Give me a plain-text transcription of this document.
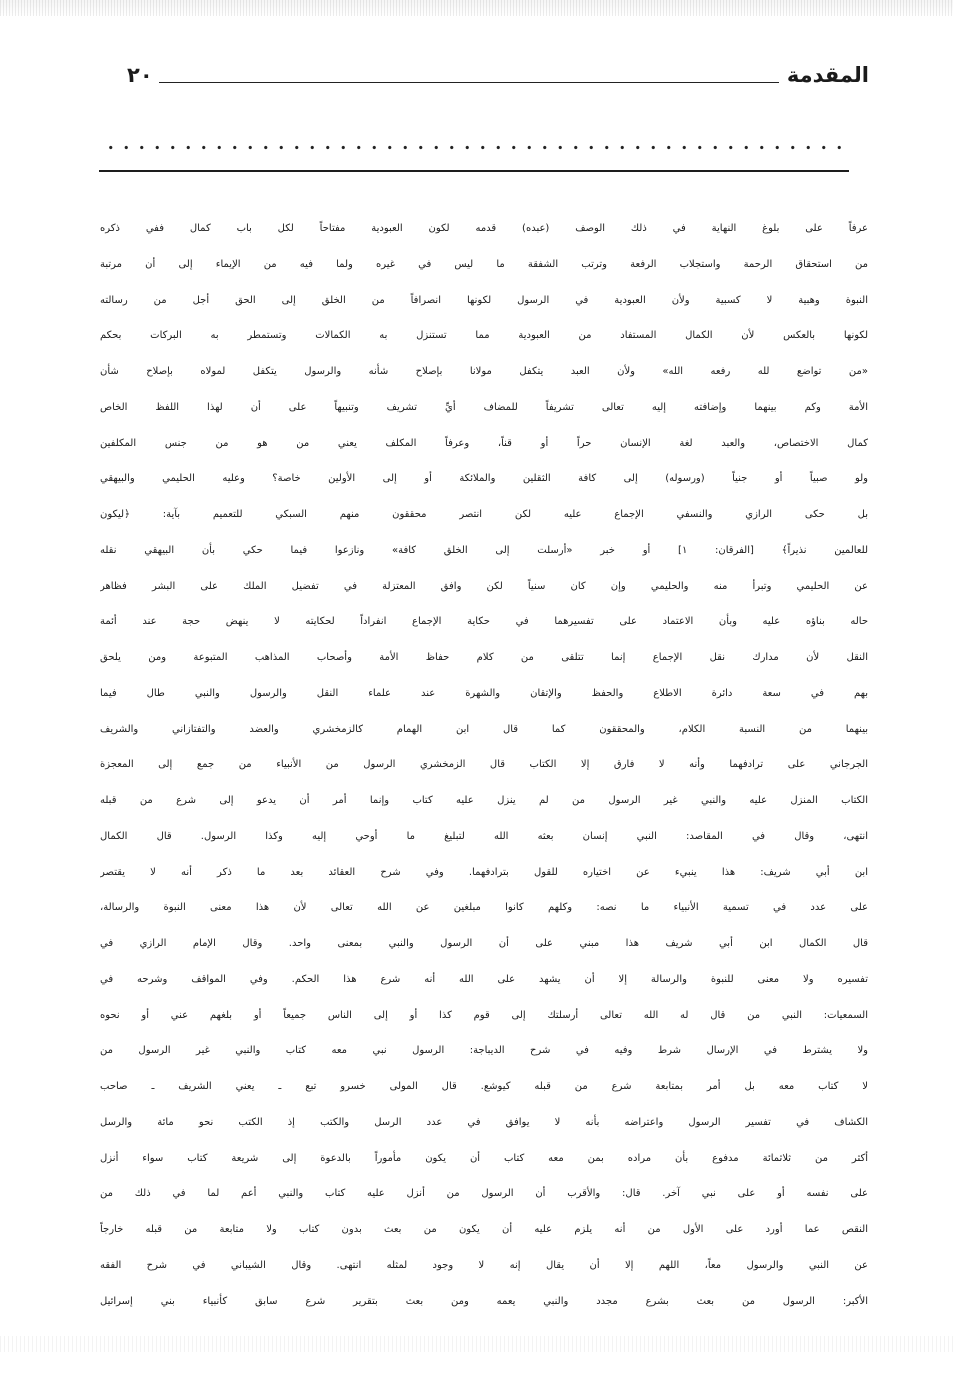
المقدمة
٢٠
عرفاً على بلوغ النهاية في ذلك الوصف (عبده) قدمه لكون العبودية مفتاحاً لكل باب كمال ففي ذكره
من استحقاق الرحمة واستجلاب الرفعة وترتب الشفقة ما ليس في غيره ولما فيه من الإيماء إلى أن مرتبة
النبوة وهبية لا كسبية ولأن العبودية في الرسول لكونها انصرافاً من الخلق إلى الحق أجل من رسالته
لكونها بالعكس لأن الكمال المستفاد من العبودية مما تستنزل به الكمالات وتستمطر به البركات بحكم
«من تواضع لله رفعه الله» ولأن العبد يتكفل مولانا بإصلاح شأنه والرسول يتكفل لمولاه بإصلاح شأن
الأمة وكم بينهما وإضافته إليه تعالى تشريفاً للمضاف أيِّ تشريف وتنبيهاً على أن لهذا اللفظ الخاص
كمال الاختصاص، والعبد لغة الإنسان حراً أو قناً، وعرفاً المكلف يعني من هو من جنس المكلفين
ولو صبياً أو جنياً (ورسوله) إلى كافة الثقلين والملائكة أو إلى الأولين خاصة؟ وعليه الحليمي والبيهقي
بل حكى الرازي والنسفي الإجماع عليه لكن انتصر محققون منهم السبكي للتعميم بآية: ﴿ليكون
للعالمين نذيراً﴾ [الفرقان: ١] أو خبر «أرسلت إلى الخلق كافة» ونازعوا فيما حكي بأن البيهقي نقله
عن الحليمي وتبرأ منه والحليمي وإن كان سنياً لكن وافق المعتزلة في تفضيل الملك على البشر فظاهر
حاله بناؤه عليه وبأن الاعتماد على تفسيرهما في حكاية الإجماع انفراداً لحكايته لا ينهض حجة عند أئمة
النقل لأن مدارك نقل الإجماع إنما تتلقى من كلام حفاظ الأمة وأصحاب المذاهب المتبوعة ومن يلحق
بهم في سعة دائرة الاطلاع والحفظ والإتقان والشهرة عند علماء النقل والرسول والنبي طال فيما
بينهما من النسبة الكلام، والمحققون كما قال ابن الهمام كالزمخشري والعضد والتفتازاني والشريف
الجرجاني على ترادفهما وأنه لا فارق إلا الكتاب قال الزمخشري الرسول من الأنبياء من جمع إلى المعجزة
الكتاب المنزل عليه والنبي غير الرسول من لم ينزل عليه كتاب وإنما أمر أن يدعو إلى شرع من قبله
انتهى، وقال في المقاصد: النبي إنسان بعثه الله لتبليغ ما أوحي إليه وكذا الرسول. قال الكمال
ابن أبي شريف: هذا ينبيء عن اختياره للقول بترادفهما. وفي شرح العقائد بعد ما ذكر أنه لا يقتصر
على عدد في تسمية الأنبياء ما نصه: وكلهم كانوا مبلغين عن الله تعالى لأن هذا معنى النبوة والرسالة،
قال الكمال ابن أبي شريف هذا مبني على أن الرسول والنبي بمعنى واحد. وقال الإمام الرازي في
تفسيره ولا معنى للنبوة والرسالة إلا أن يشهد على الله أنه شرع هذا الحكم. وفي المواقف وشرحه في
السمعيات: النبي من قال له الله تعالى أرسلتك إلى قوم كذا أو إلى الناس جميعاً أو بلغهم عني أو نحوه
ولا يشترط في الإرسال شرط وفيه في شرح الديباجة: الرسول نبي معه كتاب والنبي غير الرسول من
لا كتاب معه بل أمر بمتابعة شرع من قبله كيوشع. قال المولى خسرو تبع ـ يعني الشريف ـ صاحب
الكشاف في تفسير الرسول واعتراضه بأنه لا يوافق في عدد الرسل والكتب إذ الكتب نحو مائة والرسل
أكثر من ثلاثمائة مدفوع بأن مراده بمن معه كتاب أن يكون مأموراً بالدعوة إلى شريعة كتاب سواء أنزل
على نفسه أو على نبي آخر. قال: والأقرب أن الرسول من أنزل عليه كتاب والنبي أعم لما في ذلك من
النقص عما أورد على الأول من أنه يلزم عليه أن يكون من بعث بدون كتاب ولا متابعة من قبله خارجاً
عن النبي والرسول معاً، اللهم إلا أن يقال إنه لا وجود لمثله انتهى. وقال الشيباني في شرح الفقه
الأكبر: الرسول من بعث بشرع مجدد والنبي يعمه ومن بعث بتقرير شرع سابق كأنبياء بني إسرائيل
